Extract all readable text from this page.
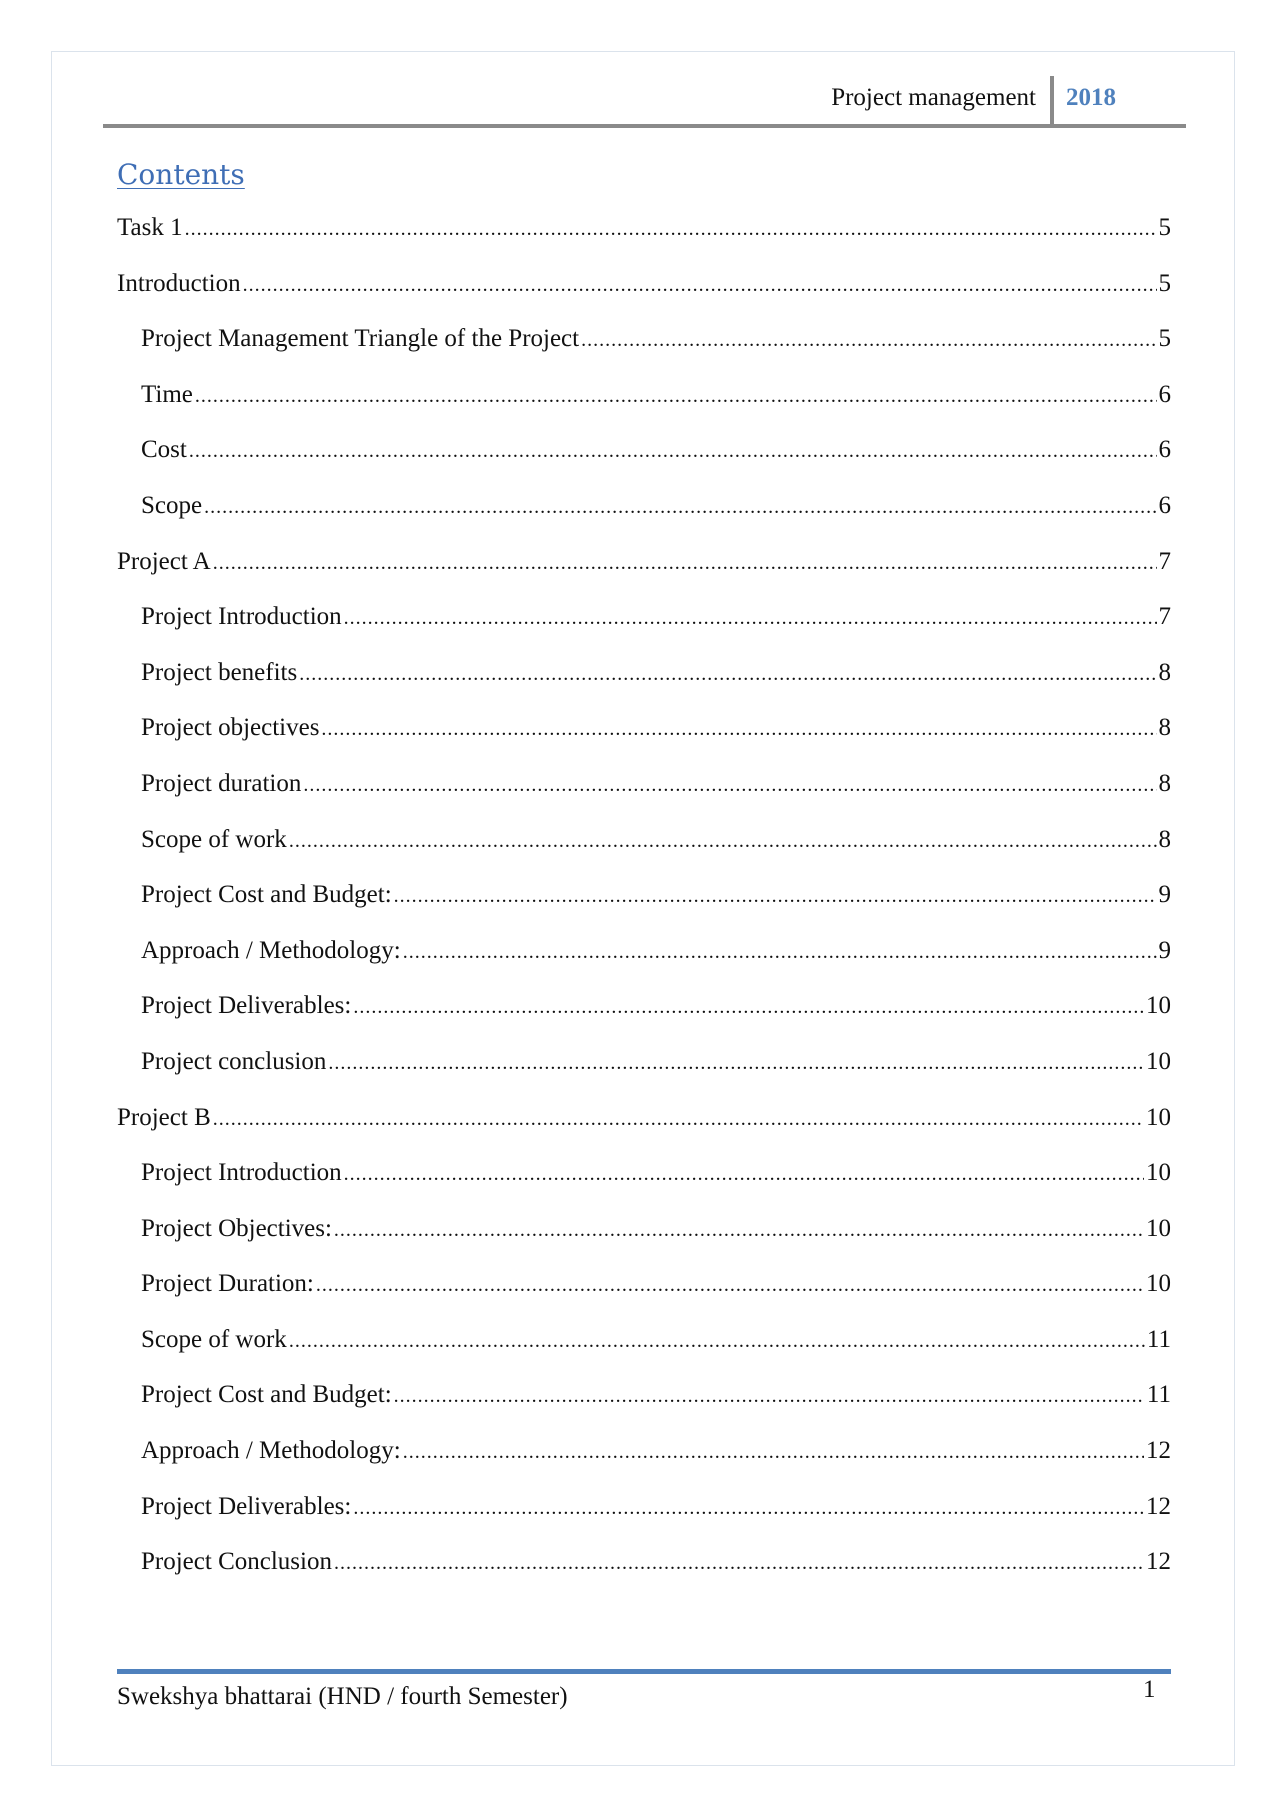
Project management 2018
Contents
Task 1 .....	5
Introduction .....	5
Project Management Triangle of the Project .....	5
Time .....	6
Cost .....	6
Scope .....	6
Project A .....	7
Project Introduction .....	7
Project benefits .....	8
Project objectives .....	8
Project duration .....	8
Scope of work .....	8
Project Cost and Budget: .....	9
Approach / Methodology: .....	9
Project Deliverables: .....	10
Project conclusion .....	10
Project B .....	10
Project Introduction .....	10
Project Objectives: .....	10
Project Duration: .....	10
Scope of work .....	11
Project Cost and Budget: .....	11
Approach / Methodology: .....	12
Project Deliverables: .....	12
Project Conclusion .....	12
Swekshya bhattarai (HND / fourth Semester)	1
